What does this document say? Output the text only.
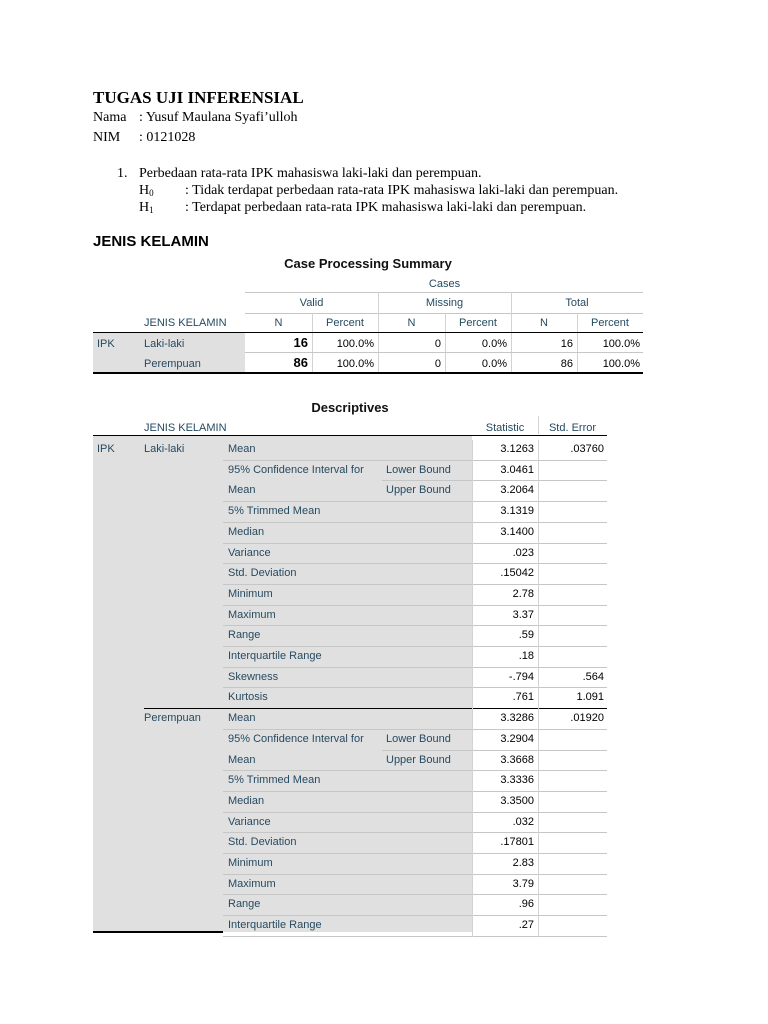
TUGAS UJI INFERENSIAL
Nama : Yusuf Maulana Syafi’ulloh
NIM : 0121028
1. Perbedaan rata-rata IPK mahasiswa laki-laki dan perempuan.
$H_0$ : Tidak terdapat perbedaan rata-rata IPK mahasiswa laki-laki dan perempuan.
$H_1$ : Terdapat perbedaan rata-rata IPK mahasiswa laki-laki dan perempuan.
JENIS KELAMIN
Case Processing Summary
Cases
Valid	Missing	Total
JENIS KELAMIN	N	Percent	N	Percent	N	Percent
IPK	Laki-laki	16	100.0%	0	0.0%	16	100.0%
Perempuan	86	100.0%	0	0.0%	86	100.0%
Descriptives
JENIS KELAMIN	Statistic	Std. Error
IPK	Laki-laki	Mean	3.1263	.03760
95% Confidence Interval for Lower Bound	3.0461
Mean	Upper Bound	3.2064
5% Trimmed Mean	3.1319
Median	3.1400
Variance	.023
Std. Deviation	.15042
Minimum	2.78
Maximum	3.37
Range	.59
Interquartile Range	.18
Skewness	-.794	.564
Kurtosis	.761	1.091
Perempuan Mean	3.3286	.01920
95% Confidence Interval for Lower Bound	3.2904
Mean	Upper Bound	3.3668
5% Trimmed Mean	3.3336
Median	3.3500
Variance	.032
Std. Deviation	.17801
Minimum	2.83
Maximum	3.79
Range	.96
Interquartile Range	.27
